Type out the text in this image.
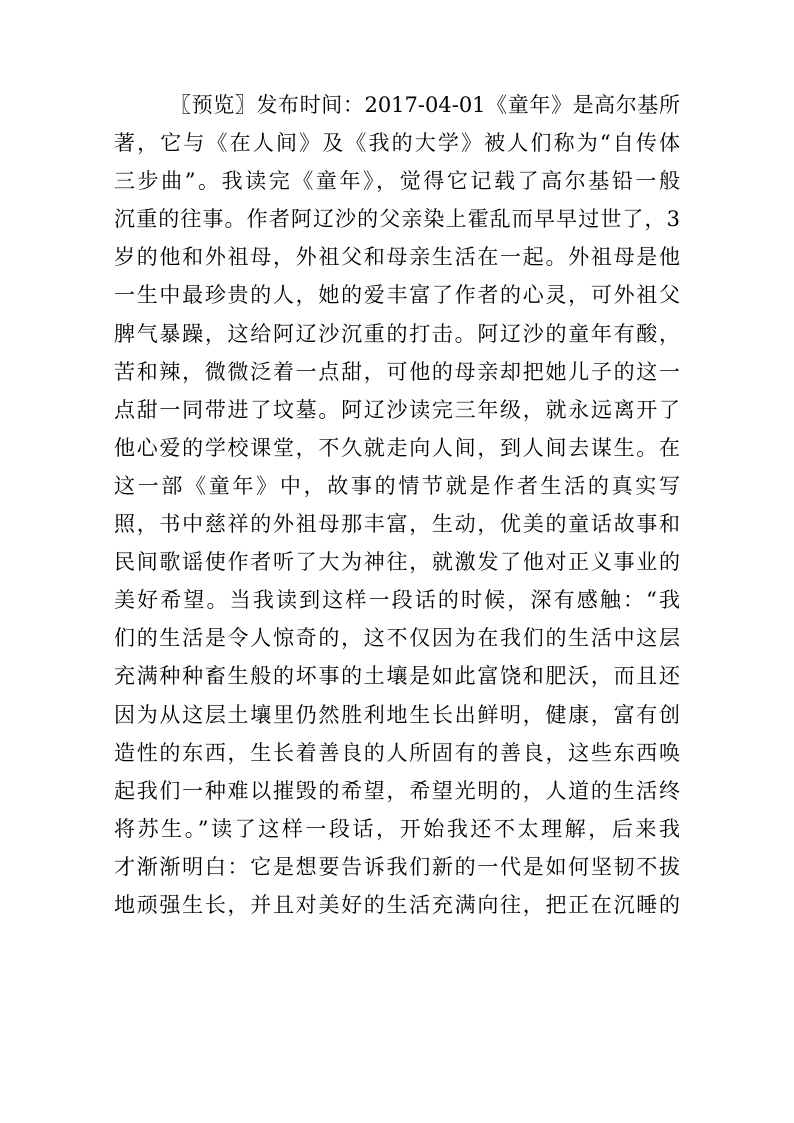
〖预览〗发布时间：2017-04-01《童年》是高尔基所
著，它与《在人间》及《我的大学》被人们称为“自传体
三步曲”。我读完《童年》，觉得它记载了高尔基铅一般
沉重的往事。作者阿辽沙的父亲染上霍乱而早早过世了，3
岁的他和外祖母，外祖父和母亲生活在一起。外祖母是他
一生中最珍贵的人，她的爱丰富了作者的心灵，可外祖父
脾气暴躁，这给阿辽沙沉重的打击。阿辽沙的童年有酸，
苦和辣，微微泛着一点甜，可他的母亲却把她儿子的这一
点甜一同带进了坟墓。阿辽沙读完三年级，就永远离开了
他心爱的学校课堂，不久就走向人间，到人间去谋生。在
这一部《童年》中，故事的情节就是作者生活的真实写
照，书中慈祥的外祖母那丰富，生动，优美的童话故事和
民间歌谣使作者听了大为神往，就激发了他对正义事业的
美好希望。当我读到这样一段话的时候，深有感触：“我
们的生活是令人惊奇的，这不仅因为在我们的生活中这层
充满种种畜生般的坏事的土壤是如此富饶和肥沃，而且还
因为从这层土壤里仍然胜利地生长出鲜明，健康，富有创
造性的东西，生长着善良的人所固有的善良，这些东西唤
起我们一种难以摧毁的希望，希望光明的，人道的生活终
将苏生。”读了这样一段话，开始我还不太理解，后来我
才渐渐明白：它是想要告诉我们新的一代是如何坚韧不拔
地顽强生长，并且对美好的生活充满向往，把正在沉睡的
